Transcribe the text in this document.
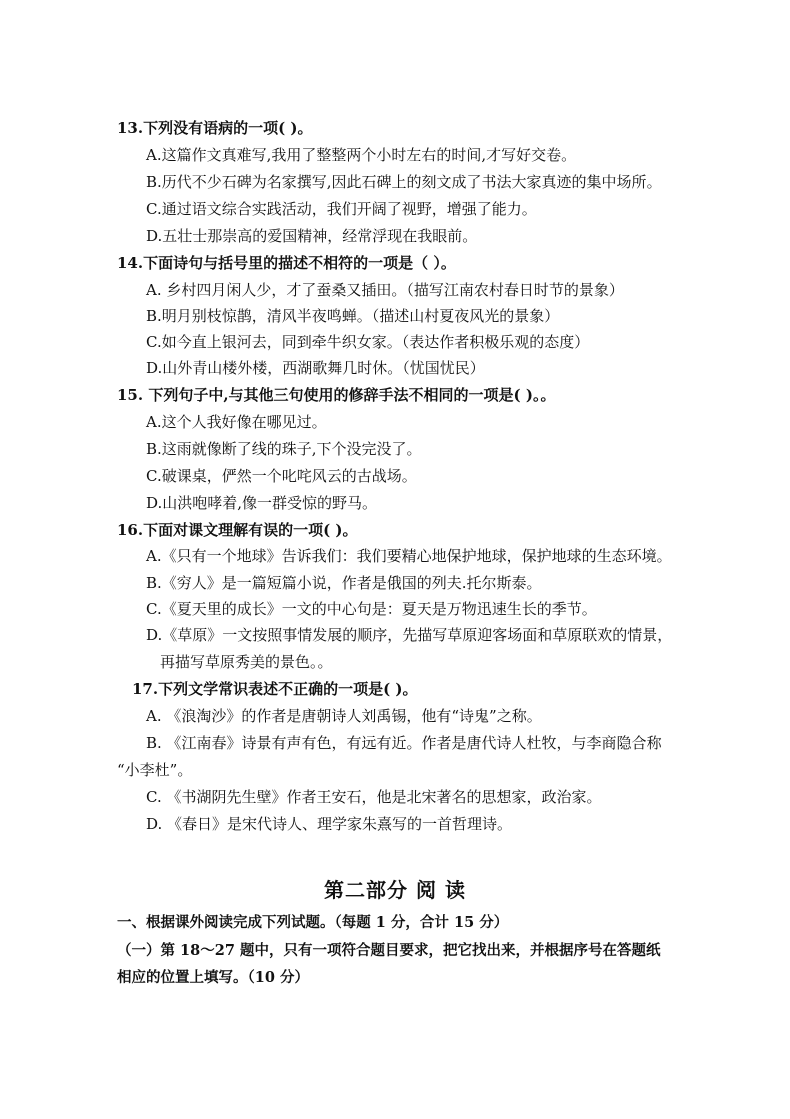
13.下列没有语病的一项( )。
A.这篇作文真难写,我用了整整两个小时左右的时间,才写好交卷。
B.历代不少石碑为名家撰写,因此石碑上的刻文成了书法大家真迹的集中场所。
C.通过语文综合实践活动，我们开阔了视野，增强了能力。
D.五壮士那崇高的爱国精神，经常浮现在我眼前。
14.下面诗句与括号里的描述不相符的一项是（ ）。
A. 乡村四月闲人少，才了蚕桑又插田。（描写江南农村春日时节的景象）
B.明月别枝惊鹊，清风半夜鸣蝉。（描述山村夏夜风光的景象）
C.如今直上银河去，同到牵牛织女家。（表达作者积极乐观的态度）
D.山外青山楼外楼，西湖歌舞几时休。（忧国忧民）
15. 下列句子中,与其他三句使用的修辞手法不相同的一项是( )。。
A.这个人我好像在哪见过。
B.这雨就像断了线的珠子,下个没完没了。
C.破课桌，俨然一个叱咤风云的古战场。
D.山洪咆哮着,像一群受惊的野马。
16.下面对课文理解有误的一项( )。
A.《只有一个地球》告诉我们：我们要精心地保护地球，保护地球的生态环境。
B.《穷人》是一篇短篇小说，作者是俄国的列夫.托尔斯泰。
C.《夏天里的成长》一文的中心句是：夏天是万物迅速生长的季节。
D.《草原》一文按照事情发展的顺序，先描写草原迎客场面和草原联欢的情景，
再描写草原秀美的景色。。
17.下列文学常识表述不正确的一项是( )。
A. 《浪淘沙》的作者是唐朝诗人刘禹锡，他有“诗鬼”之称。
B. 《江南春》诗景有声有色，有远有近。作者是唐代诗人杜牧，与李商隐合称
“小李杜”。
C. 《书湖阴先生壁》作者王安石，他是北宋著名的思想家，政治家。
D. 《春日》是宋代诗人、理学家朱熹写的一首哲理诗。
第二部分 阅 读
一、根据课外阅读完成下列试题。（每题 1 分，合计 15 分）
（一）第 18～27 题中，只有一项符合题目要求，把它找出来，并根据序号在答题纸
相应的位置上填写。（10 分）
